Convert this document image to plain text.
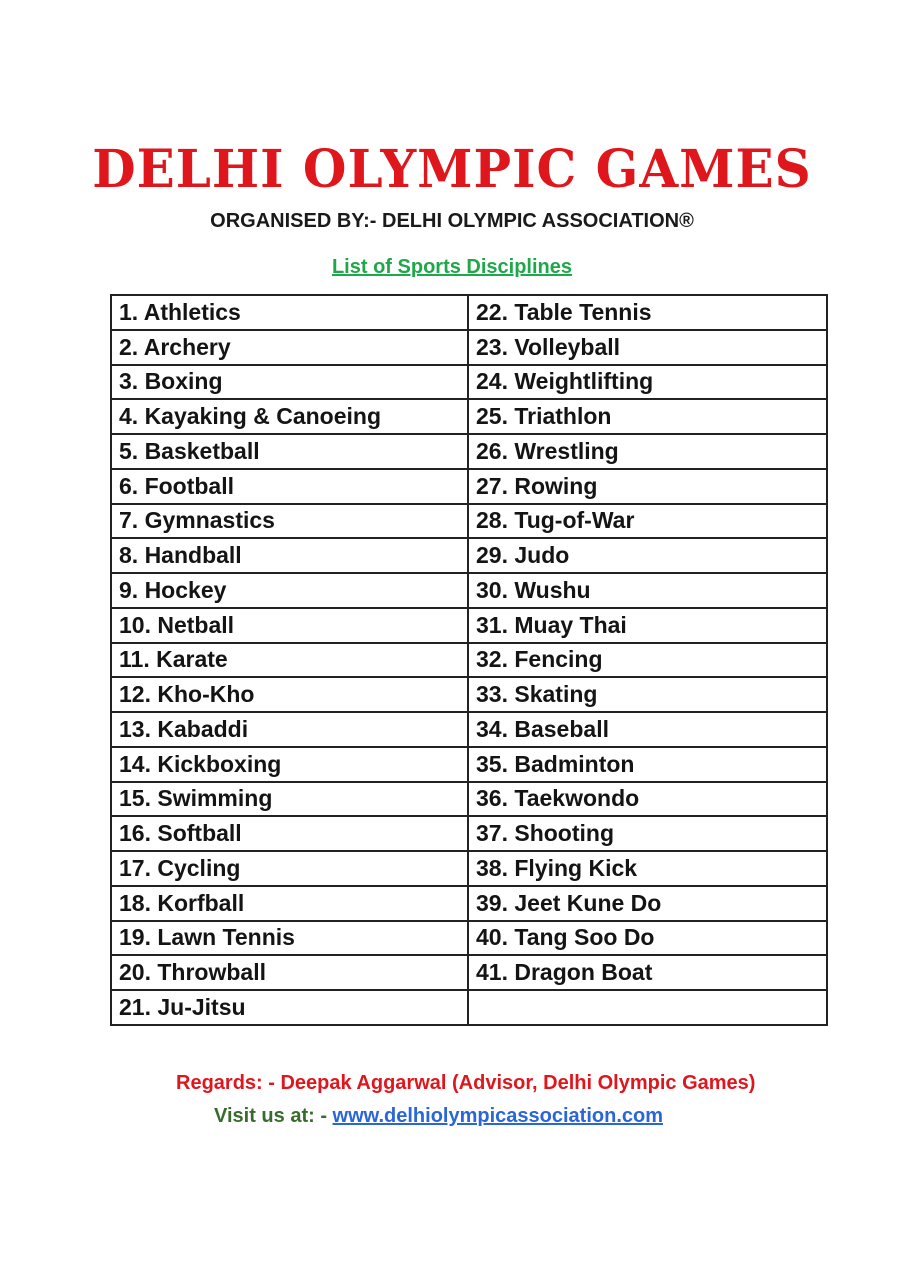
DELHI OLYMPIC GAMES
ORGANISED BY:- DELHI OLYMPIC ASSOCIATION®
List of Sports Disciplines
1. Athletics	22. Table Tennis
2. Archery	23. Volleyball
3. Boxing	24. Weightlifting
4. Kayaking & Canoeing	25. Triathlon
5. Basketball	26. Wrestling
6. Football	27. Rowing
7. Gymnastics	28. Tug-of-War
8. Handball	29. Judo
9. Hockey	30. Wushu
10. Netball	31. Muay Thai
11. Karate	32. Fencing
12. Kho-Kho	33. Skating
13. Kabaddi	34. Baseball
14. Kickboxing	35. Badminton
15. Swimming	36. Taekwondo
16. Softball	37. Shooting
17. Cycling	38. Flying Kick
18. Korfball	39. Jeet Kune Do
19. Lawn Tennis	40. Tang Soo Do
20. Throwball	41. Dragon Boat
21. Ju-Jitsu	
Regards: - Deepak Aggarwal (Advisor, Delhi Olympic Games)
Visit us at: - www.delhiolympicassociation.com
